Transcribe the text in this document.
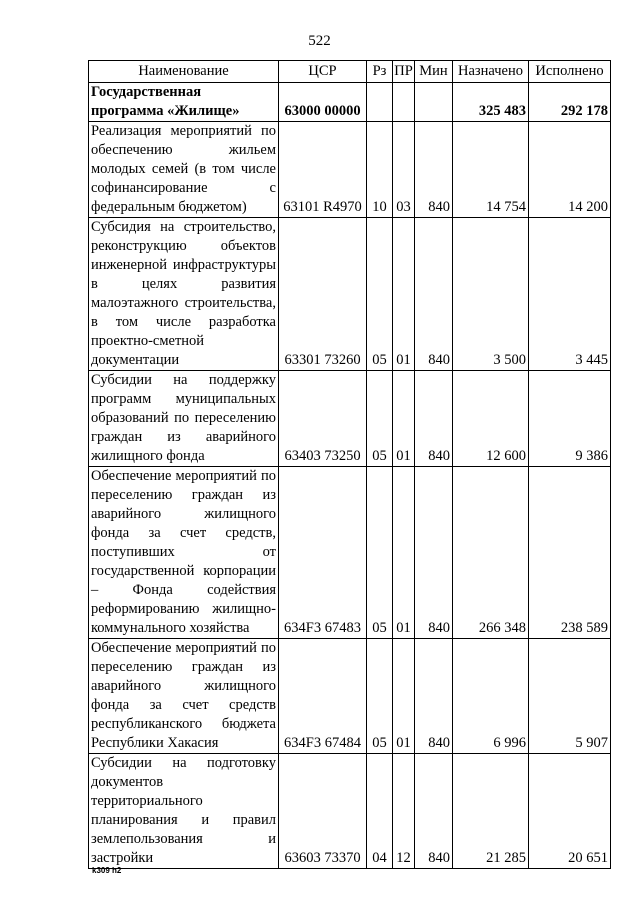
522
Наименование	ЦСР	Рз	ПР	Мин	Назначено	Исполнено
Государственная программа «Жилище»	63000 00000				325 483	292 178
Реализация мероприятий по обеспечению жильем молодых семей (в том числе софинансирование с федеральным бюджетом)	63101 R4970	10	03	840	14 754	14 200
Субсидия на строительство, реконструкцию объектов инженерной инфраструктуры в целях развития малоэтажного строительства, в том числе разработка проектно-сметной документации	63301 73260	05	01	840	3 500	3 445
Субсидии на поддержку программ муниципальных образований по переселению граждан из аварийного жилищного фонда	63403 73250	05	01	840	12 600	9 386
Обеспечение мероприятий по переселению граждан из аварийного жилищного фонда за счет средств, поступивших от государственной корпорации – Фонда содействия реформированию жилищно-коммунального хозяйства	634F3 67483	05	01	840	266 348	238 589
Обеспечение мероприятий по переселению граждан из аварийного жилищного фонда за счет средств республиканского бюджета Республики Хакасия	634F3 67484	05	01	840	6 996	5 907
Субсидии на подготовку документов территориального планирования и правил землепользования и застройки	63603 73370	04	12	840	21 285	20 651
k309 h2
